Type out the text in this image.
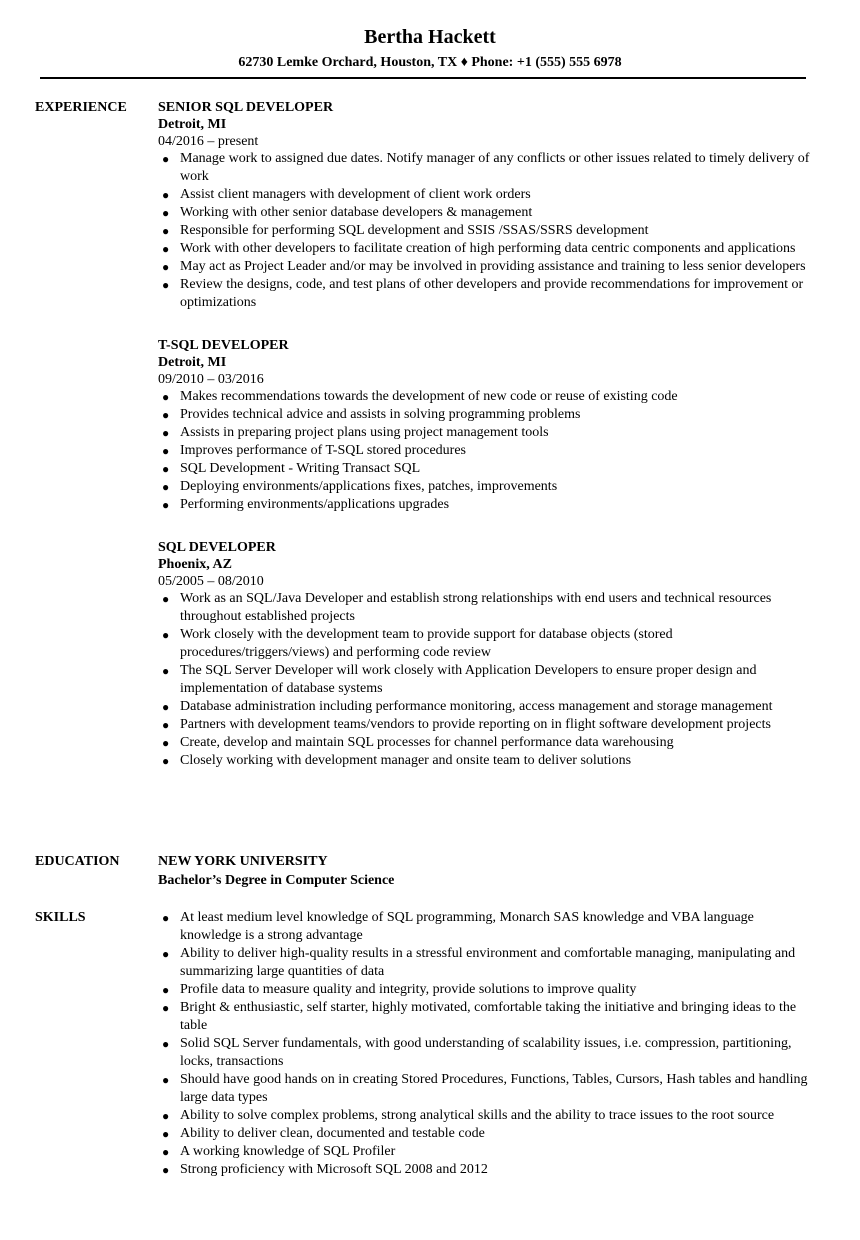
Bertha Hackett
62730 Lemke Orchard, Houston, TX ♦ Phone: +1 (555) 555 6978
EXPERIENCE	SENIOR SQL DEVELOPER
Detroit, MI
04/2016 – present
● Manage work to assigned due dates. Notify manager of any conflicts or other issues related to timely delivery of work
● Assist client managers with development of client work orders
● Working with other senior database developers & management
● Responsible for performing SQL development and SSIS /SSAS/SSRS development
● Work with other developers to facilitate creation of high performing data centric components and applications
● May act as Project Leader and/or may be involved in providing assistance and training to less senior developers
● Review the designs, code, and test plans of other developers and provide recommendations for improvement or optimizations
T-SQL DEVELOPER
Detroit, MI
09/2010 – 03/2016
● Makes recommendations towards the development of new code or reuse of existing code
● Provides technical advice and assists in solving programming problems
● Assists in preparing project plans using project management tools
● Improves performance of T-SQL stored procedures
● SQL Development - Writing Transact SQL
● Deploying environments/applications fixes, patches, improvements
● Performing environments/applications upgrades
SQL DEVELOPER
Phoenix, AZ
05/2005 – 08/2010
● Work as an SQL/Java Developer and establish strong relationships with end users and technical resources throughout established projects
● Work closely with the development team to provide support for database objects (stored procedures/triggers/views) and performing code review
● The SQL Server Developer will work closely with Application Developers to ensure proper design and implementation of database systems
● Database administration including performance monitoring, access management and storage management
● Partners with development teams/vendors to provide reporting on in flight software development projects
● Create, develop and maintain SQL processes for channel performance data warehousing
● Closely working with development manager and onsite team to deliver solutions
EDUCATION	NEW YORK UNIVERSITY
Bachelor’s Degree in Computer Science
SKILLS	● At least medium level knowledge of SQL programming, Monarch SAS knowledge and VBA language knowledge is a strong advantage
● Ability to deliver high-quality results in a stressful environment and comfortable managing, manipulating and summarizing large quantities of data
● Profile data to measure quality and integrity, provide solutions to improve quality
● Bright & enthusiastic, self starter, highly motivated, comfortable taking the initiative and bringing ideas to the table
● Solid SQL Server fundamentals, with good understanding of scalability issues, i.e. compression, partitioning, locks, transactions
● Should have good hands on in creating Stored Procedures, Functions, Tables, Cursors, Hash tables and handling large data types
● Ability to solve complex problems, strong analytical skills and the ability to trace issues to the root source
● Ability to deliver clean, documented and testable code
● A working knowledge of SQL Profiler
● Strong proficiency with Microsoft SQL 2008 and 2012
